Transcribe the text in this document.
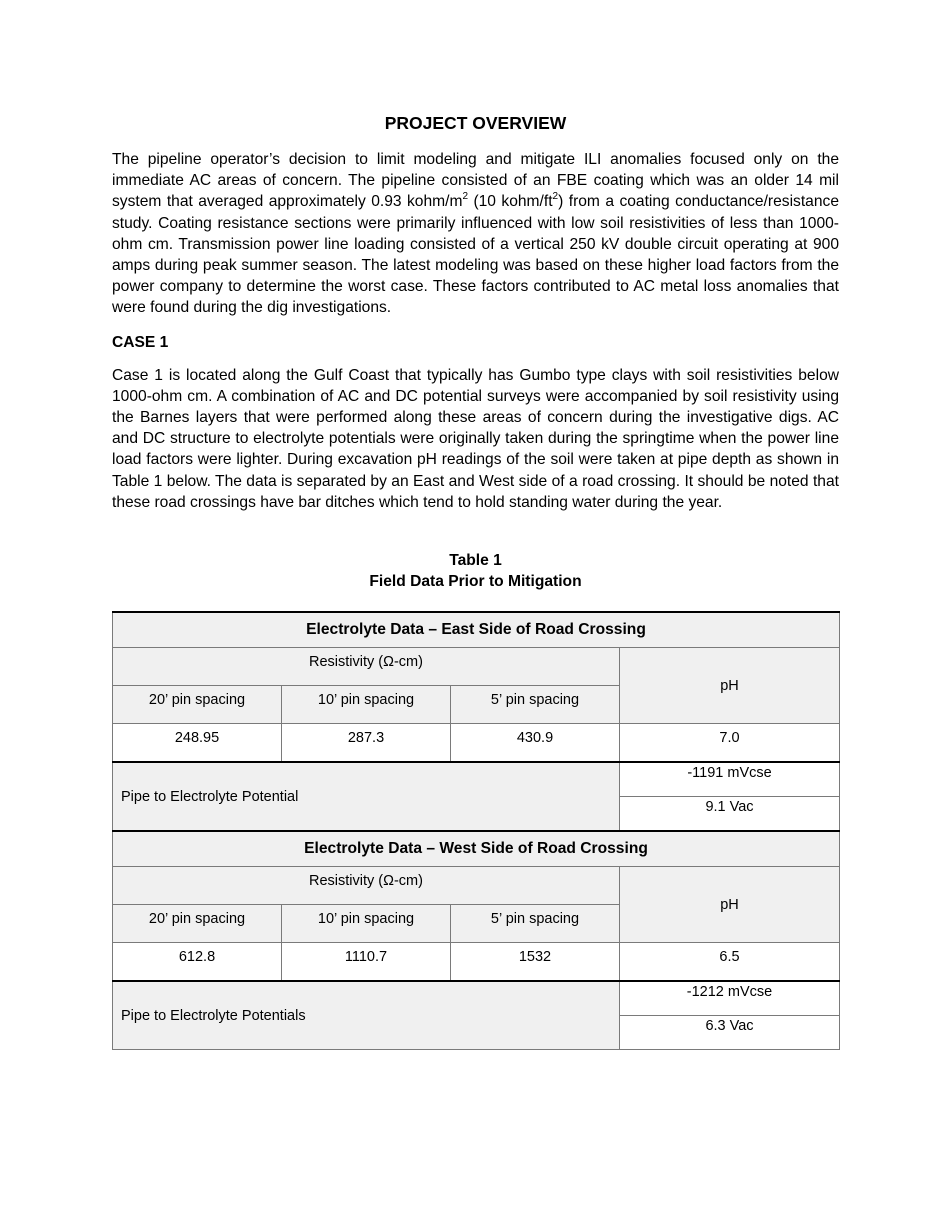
PROJECT OVERVIEW

The pipeline operator’s decision to limit modeling and mitigate ILI anomalies focused only on the immediate AC areas of concern. The pipeline consisted of an FBE coating which was an older 14 mil system that averaged approximately 0.93 kohm/$m^2$ (10 kohm/$ft^2$) from a coating conductance/resistance study. Coating resistance sections were primarily influenced with low soil resistivities of less than 1000-ohm cm. Transmission power line loading consisted of a vertical 250 kV double circuit operating at 900 amps during peak summer season. The latest modeling was based on these higher load factors from the power company to determine the worst case. These factors contributed to AC metal loss anomalies that were found during the dig investigations.

CASE 1

Case 1 is located along the Gulf Coast that typically has Gumbo type clays with soil resistivities below 1000-ohm cm. A combination of AC and DC potential surveys were accompanied by soil resistivity using the Barnes layers that were performed along these areas of concern during the investigative digs. AC and DC structure to electrolyte potentials were originally taken during the springtime when the power line load factors were lighter. During excavation pH readings of the soil were taken at pipe depth as shown in Table 1 below. The data is separated by an East and West side of a road crossing. It should be noted that these road crossings have bar ditches which tend to hold standing water during the year.

Table 1
Field Data Prior to Mitigation
Electrolyte Data – East Side of Road Crossing			
Resistivity (Ω-cm)			pH
20’ pin spacing	10’ pin spacing	5’ pin spacing	
248.95	287.3	430.9	7.0
Pipe to Electrolyte Potential			-1191 mVcse
			9.1 Vac
Electrolyte Data – West Side of Road Crossing			
Resistivity (Ω-cm)			pH
20’ pin spacing	10’ pin spacing	5’ pin spacing	
612.8	1110.7	1532	6.5
Pipe to Electrolyte Potentials			-1212 mVcse
			6.3 Vac
